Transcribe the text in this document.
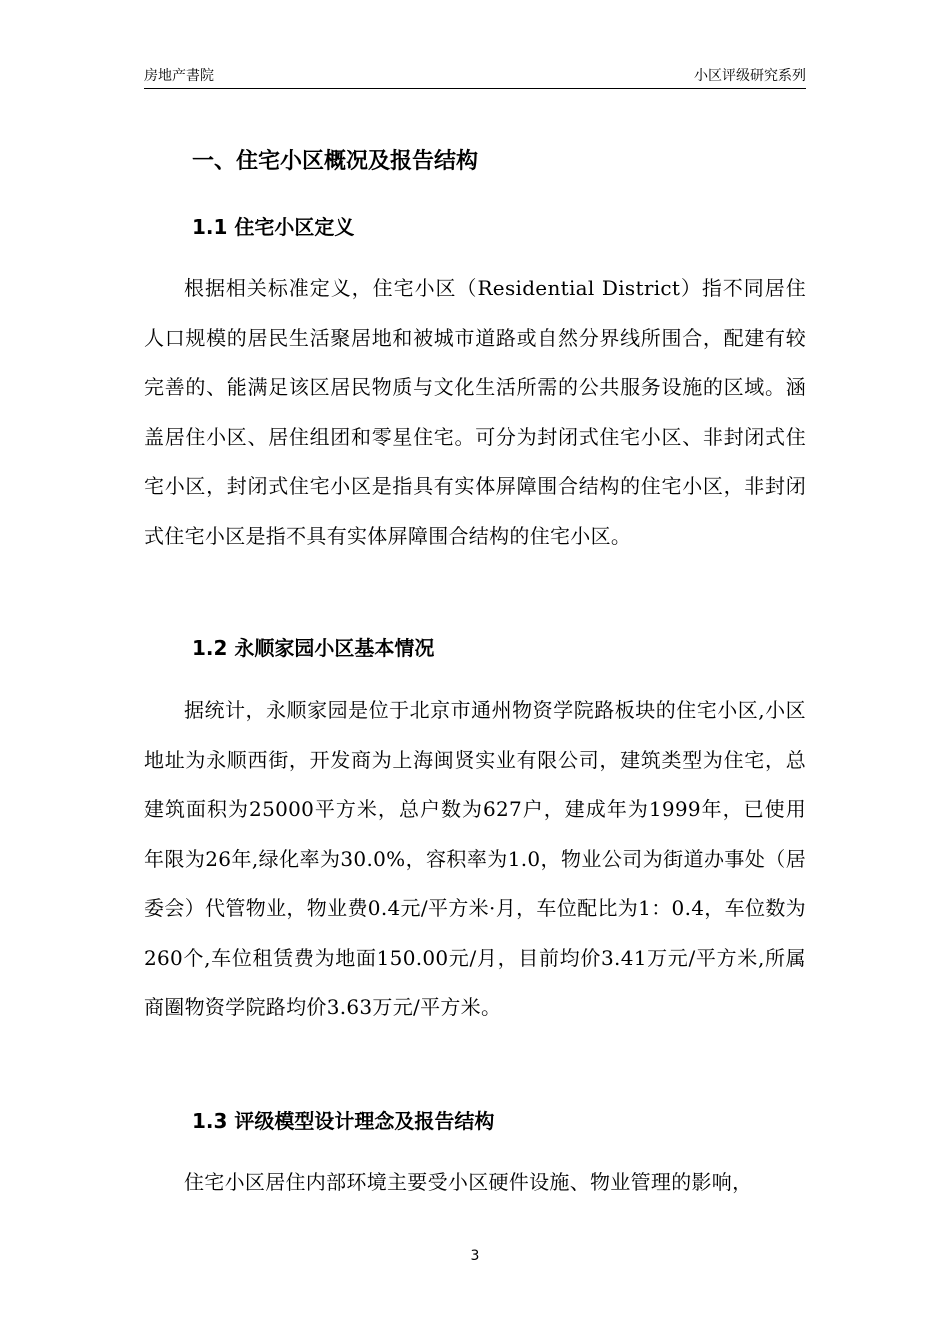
房地产書院	小区评级研究系列
一、住宅小区概况及报告结构
1.1 住宅小区定义
根据相关标准定义，住宅小区（Residential District）指不同居住人口规模的居民生活聚居地和被城市道路或自然分界线所围合，配建有较完善的、能满足该区居民物质与文化生活所需的公共服务设施的区域。涵盖居住小区、居住组团和零星住宅。可分为封闭式住宅小区、非封闭式住宅小区，封闭式住宅小区是指具有实体屏障围合结构的住宅小区，非封闭式住宅小区是指不具有实体屏障围合结构的住宅小区。
1.2 永顺家园小区基本情况
据统计，永顺家园是位于北京市通州物资学院路板块的住宅小区,小区地址为永顺西街，开发商为上海闽贤实业有限公司，建筑类型为住宅，总建筑面积为25000平方米，总户数为627户，建成年为1999年，已使用年限为26年,绿化率为30.0%，容积率为1.0，物业公司为街道办事处（居委会）代管物业，物业费0.4元/平方米·月，车位配比为1：0.4，车位数为260个,车位租赁费为地面150.00元/月，目前均价3.41万元/平方米,所属商圈物资学院路均价3.63万元/平方米。
1.3 评级模型设计理念及报告结构
住宅小区居住内部环境主要受小区硬件设施、物业管理的影响，
3
